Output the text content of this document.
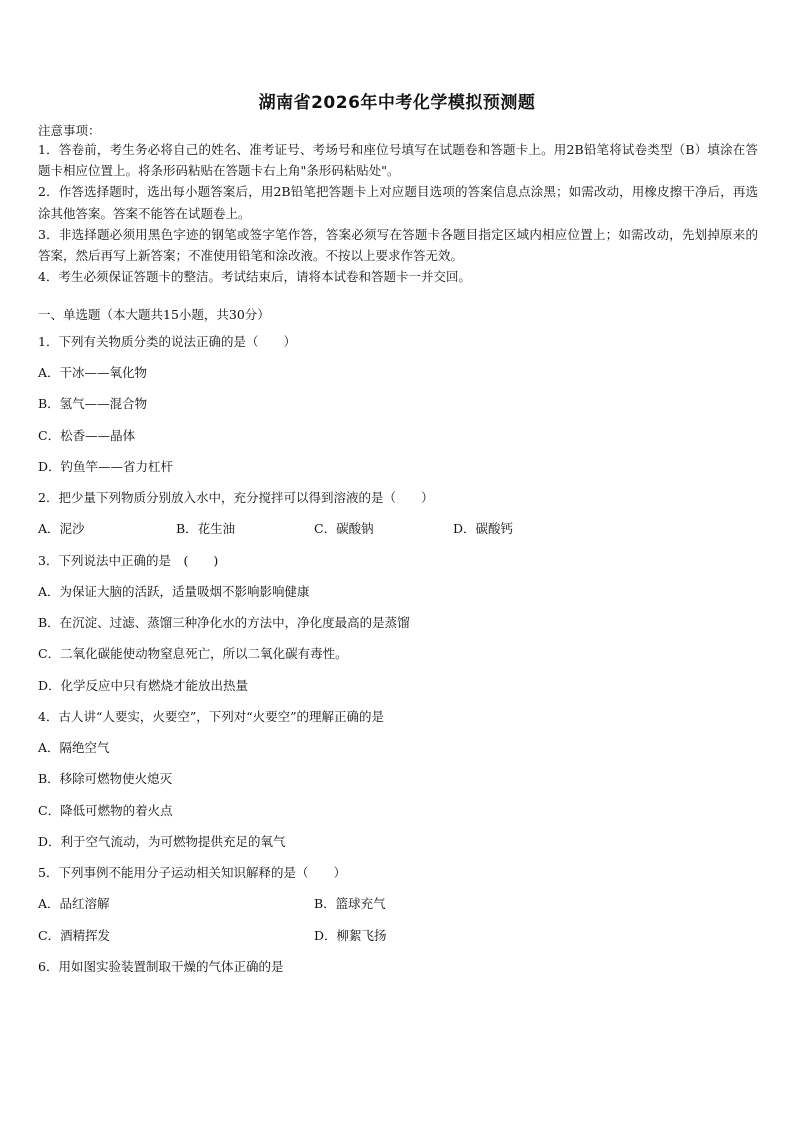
湖南省2026年中考化学模拟预测题
注意事项：

1．答卷前，考生务必将自己的姓名、准考证号、考场号和座位号填写在试题卷和答题卡上。用2B铅笔将试卷类型（B）填涂在答题卡相应位置上。将条形码粘贴在答题卡右上角"条形码粘贴处"。

2．作答选择题时，选出每小题答案后，用2B铅笔把答题卡上对应题目选项的答案信息点涂黑；如需改动，用橡皮擦干净后，再选涂其他答案。答案不能答在试题卷上。

3．非选择题必须用黑色字迹的钢笔或签字笔作答，答案必须写在答题卡各题目指定区域内相应位置上；如需改动，先划掉原来的答案，然后再写上新答案；不准使用铅笔和涂改液。不按以上要求作答无效。

4．考生必须保证答题卡的整洁。考试结束后，请将本试卷和答题卡一并交回。

一、单选题（本大题共15小题，共30分）
1．下列有关物质分类的说法正确的是（　　）
A．干冰——氧化物
B．氢气——混合物
C．松香——晶体
D．钓鱼竿——省力杠杆
2．把少量下列物质分别放入水中，充分搅拌可以得到溶液的是（　　）
A．泥沙	B．花生油	C．碳酸钠	D．碳酸钙
3．下列说法中正确的是　(　　)
A．为保证大脑的活跃，适量吸烟不影响影响健康
B．在沉淀、过滤、蒸馏三种净化水的方法中，净化度最高的是蒸馏
C．二氧化碳能使动物窒息死亡，所以二氧化碳有毒性。
D．化学反应中只有燃烧才能放出热量
4．古人讲“人要实，火要空”，下列对“火要空”的理解正确的是
A．隔绝空气
B．移除可燃物使火熄灭
C．降低可燃物的着火点
D．利于空气流动，为可燃物提供充足的氧气
5．下列事例不能用分子运动相关知识解释的是（　　）
A．品红溶解	B．篮球充气
C．酒精挥发	D．柳絮飞扬
6．用如图实验装置制取干燥的气体正确的是
